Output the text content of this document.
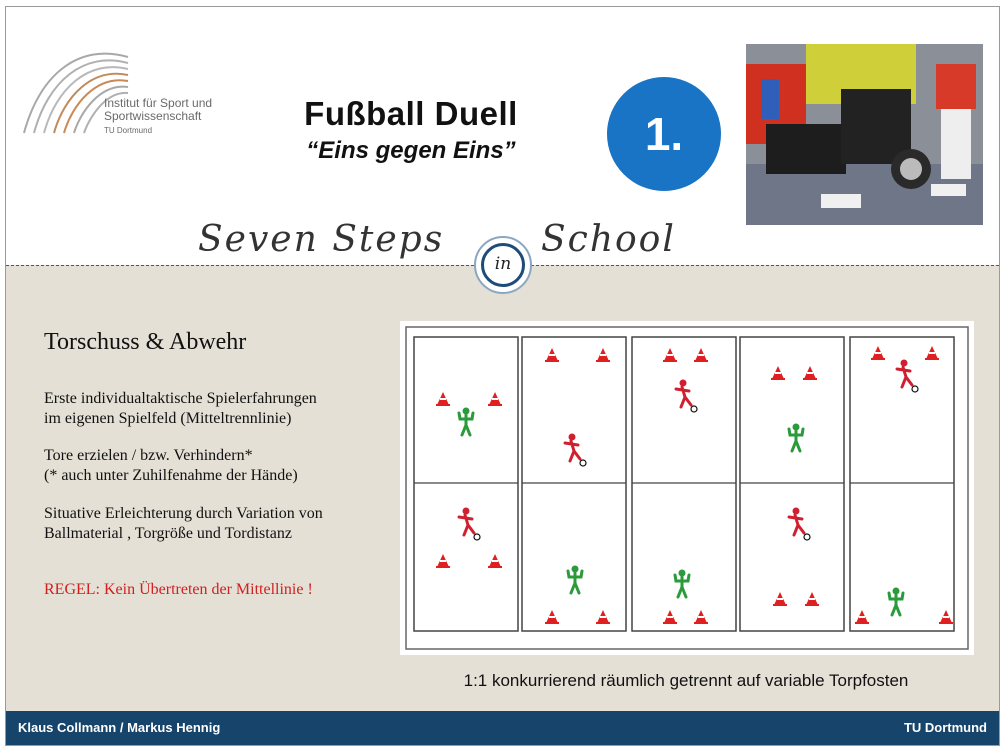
Institut für Sport und
Sportwissenschaft
TU Dortmund	Fußball Duell
“Eins gegen Eins”	1.
Seven Steps	School
in
Torschuss & Abwehr
Erste individualtaktische Spielerfahrungen
im eigenen Spielfeld (Mitteltrennlinie)
Tore erzielen / bzw. Verhindern*
(* auch unter Zuhilfenahme der Hände)
Situative Erleichterung durch Variation von
Ballmaterial , Torgröße und Tordistanz
REGEL: Kein Übertreten der Mittellinie !
1:1 konkurrierend räumlich getrennt auf variable Torpfosten
Klaus Collmann / Markus Hennig	TU Dortmund
